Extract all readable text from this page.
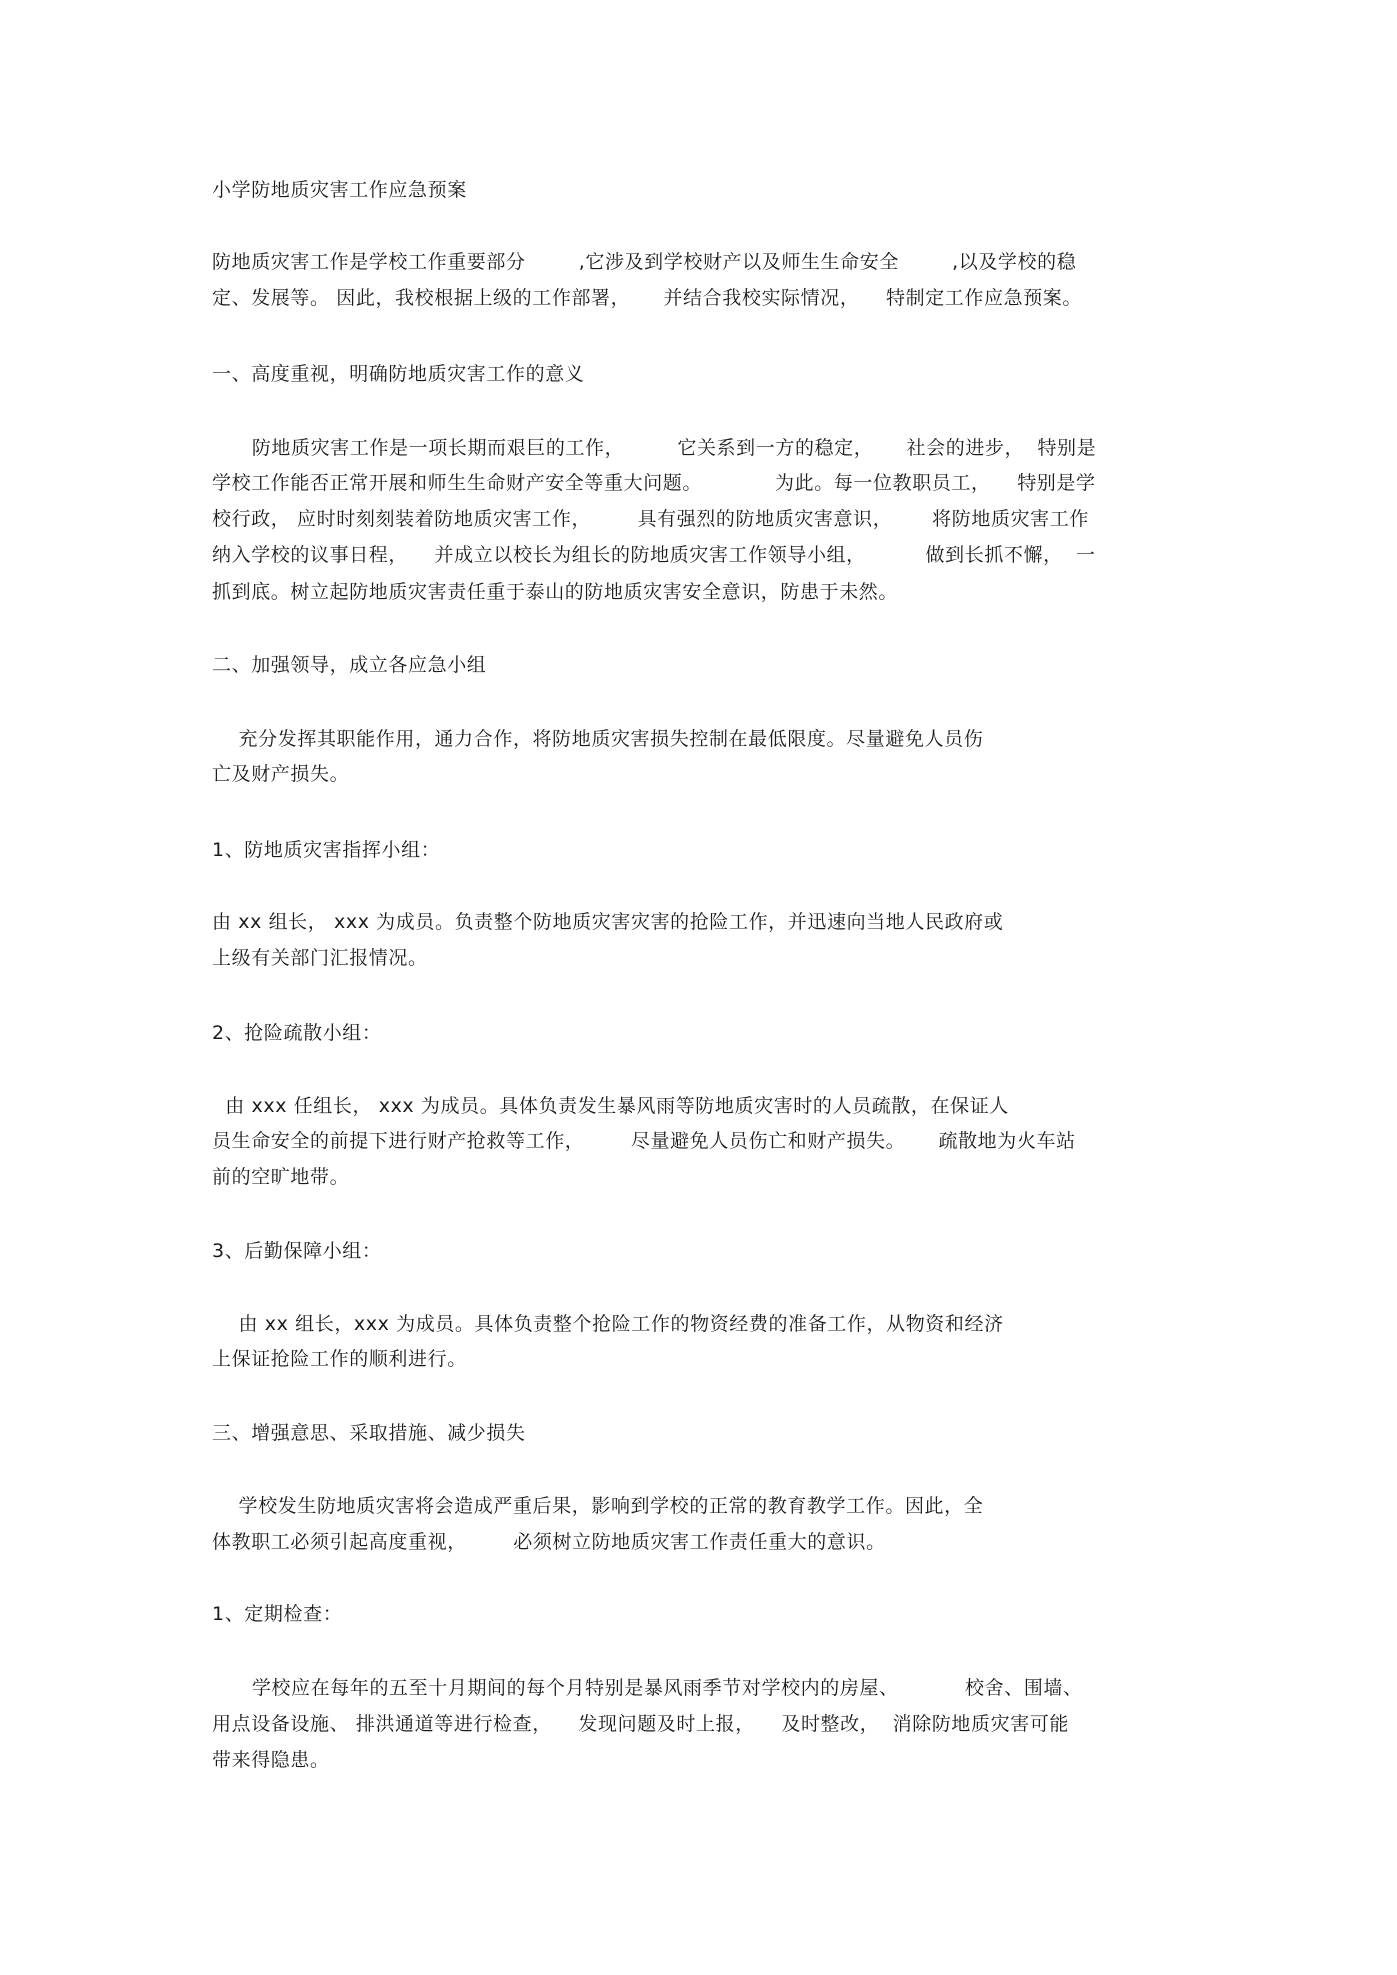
小学防地质灾害工作应急预案
防地质灾害工作是学校工作重要部分        ,它涉及到学校财产以及师生生命安全        ,以及学校的稳
定、发展等。 因此，我校根据上级的工作部署，     并结合我校实际情况，    特制定工作应急预案。
一、高度重视，明确防地质灾害工作的意义
防地质灾害工作是一项长期而艰巨的工作，        它关系到一方的稳定，     社会的进步，  特别是
学校工作能否正常开展和师生生命财产安全等重大问题。           为此。每一位教职员工，    特别是学
校行政， 应时时刻刻装着防地质灾害工作，       具有强烈的防地质灾害意识，      将防地质灾害工作
纳入学校的议事日程，    并成立以校长为组长的防地质灾害工作领导小组，         做到长抓不懈，  一
抓到底。树立起防地质灾害责任重于泰山的防地质灾害安全意识，防患于未然。
二、加强领导，成立各应急小组
充分发挥其职能作用，通力合作，将防地质灾害损失控制在最低限度。尽量避免人员伤
亡及财产损失。
1、防地质灾害指挥小组：
由 xx 组长， xxx 为成员。负责整个防地质灾害灾害的抢险工作，并迅速向当地人民政府或
上级有关部门汇报情况。
2、抢险疏散小组：
由 xxx 任组长， xxx 为成员。具体负责发生暴风雨等防地质灾害时的人员疏散，在保证人
员生命安全的前提下进行财产抢救等工作，       尽量避免人员伤亡和财产损失。     疏散地为火车站
前的空旷地带。
3、后勤保障小组：
由 xx 组长，xxx 为成员。具体负责整个抢险工作的物资经费的准备工作，从物资和经济
上保证抢险工作的顺利进行。
三、增强意思、采取措施、减少损失
学校发生防地质灾害将会造成严重后果，影响到学校的正常的教育教学工作。因此，全
体教职工必须引起高度重视，       必须树立防地质灾害工作责任重大的意识。
1、定期检查：
学校应在每年的五至十月期间的每个月特别是暴风雨季节对学校内的房屋、          校舍、围墙、
用点设备设施、 排洪通道等进行检查，    发现问题及时上报，    及时整改，  消除防地质灾害可能
带来得隐患。
